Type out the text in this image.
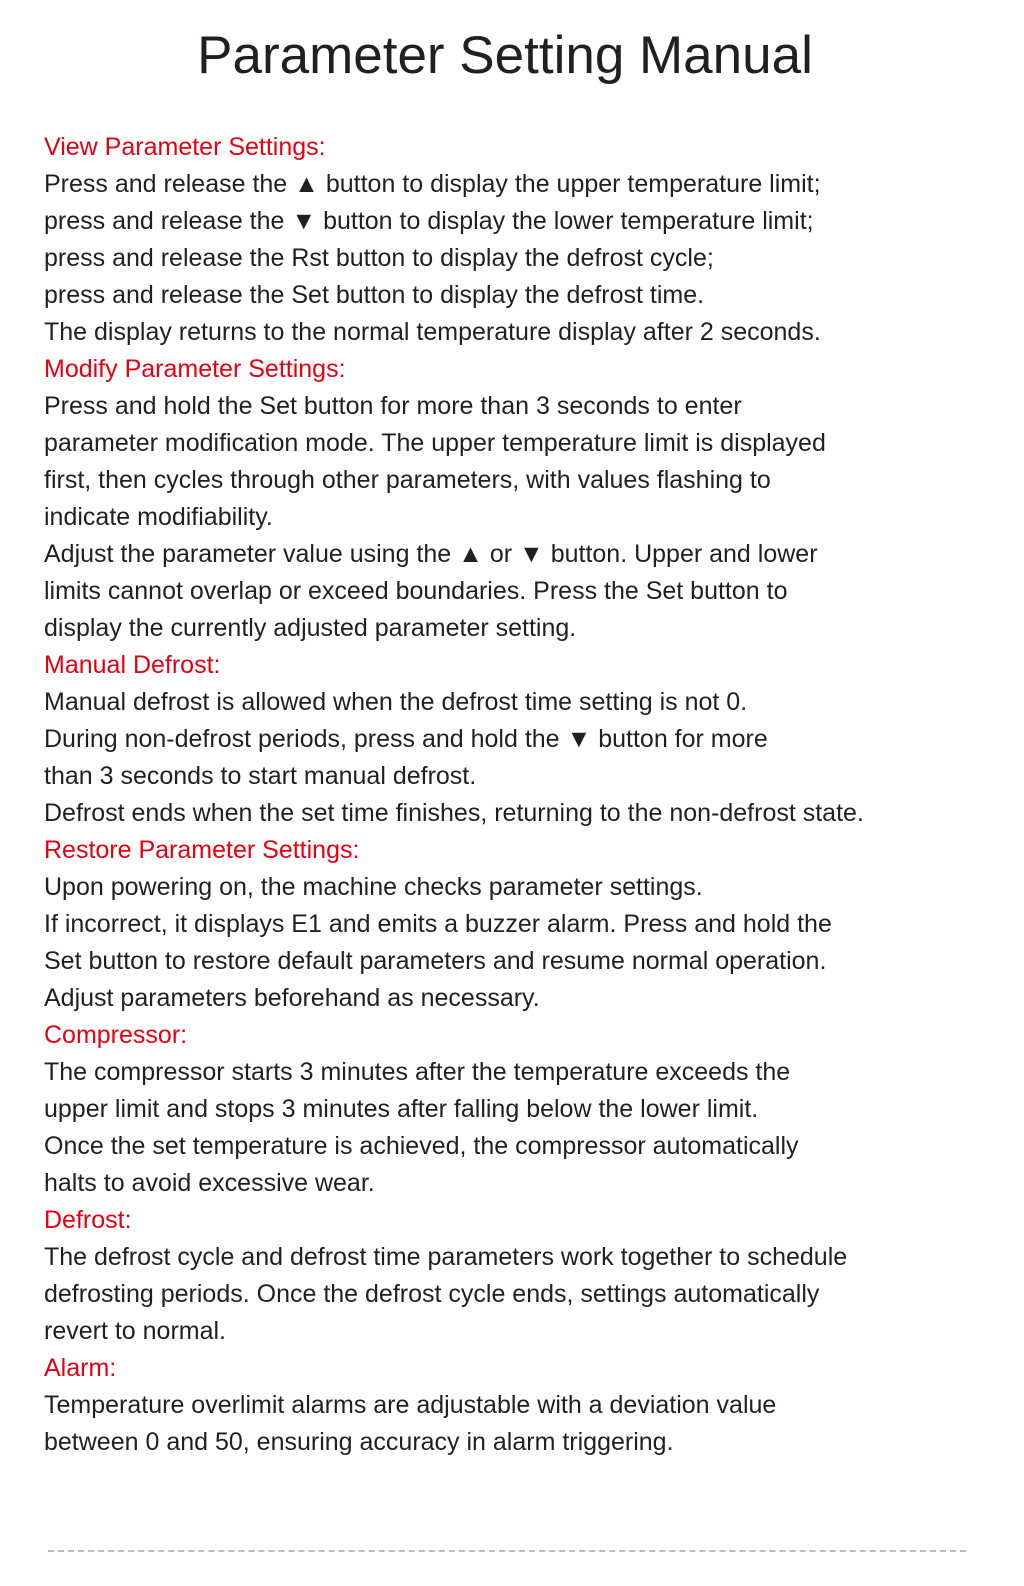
Parameter Setting Manual

View Parameter Settings:

Press and release the ▲ button to display the upper temperature limit;

press and release the ▼ button to display the lower temperature limit;

press and release the Rst button to display the defrost cycle;

press and release the Set button to display the defrost time.

The display returns to the normal temperature display after 2 seconds.

Modify Parameter Settings:

Press and hold the Set button for more than 3 seconds to enter

parameter modification mode. The upper temperature limit is displayed

first, then cycles through other parameters, with values flashing to

indicate modifiability.

Adjust the parameter value using the ▲ or ▼ button. Upper and lower

limits cannot overlap or exceed boundaries. Press the Set button to

display the currently adjusted parameter setting.

Manual Defrost:

Manual defrost is allowed when the defrost time setting is not 0.

During non-defrost periods, press and hold the ▼ button for more

than 3 seconds to start manual defrost.

Defrost ends when the set time finishes, returning to the non-defrost state.

Restore Parameter Settings:

Upon powering on, the machine checks parameter settings.

If incorrect, it displays E1 and emits a buzzer alarm. Press and hold the

Set button to restore default parameters and resume normal operation.

Adjust parameters beforehand as necessary.

Compressor:

The compressor starts 3 minutes after the temperature exceeds the

upper limit and stops 3 minutes after falling below the lower limit.

Once the set temperature is achieved, the compressor automatically

halts to avoid excessive wear.

Defrost:

The defrost cycle and defrost time parameters work together to schedule

defrosting periods. Once the defrost cycle ends, settings automatically

revert to normal.

Alarm:

Temperature overlimit alarms are adjustable with a deviation value

between 0 and 50, ensuring accuracy in alarm triggering.
